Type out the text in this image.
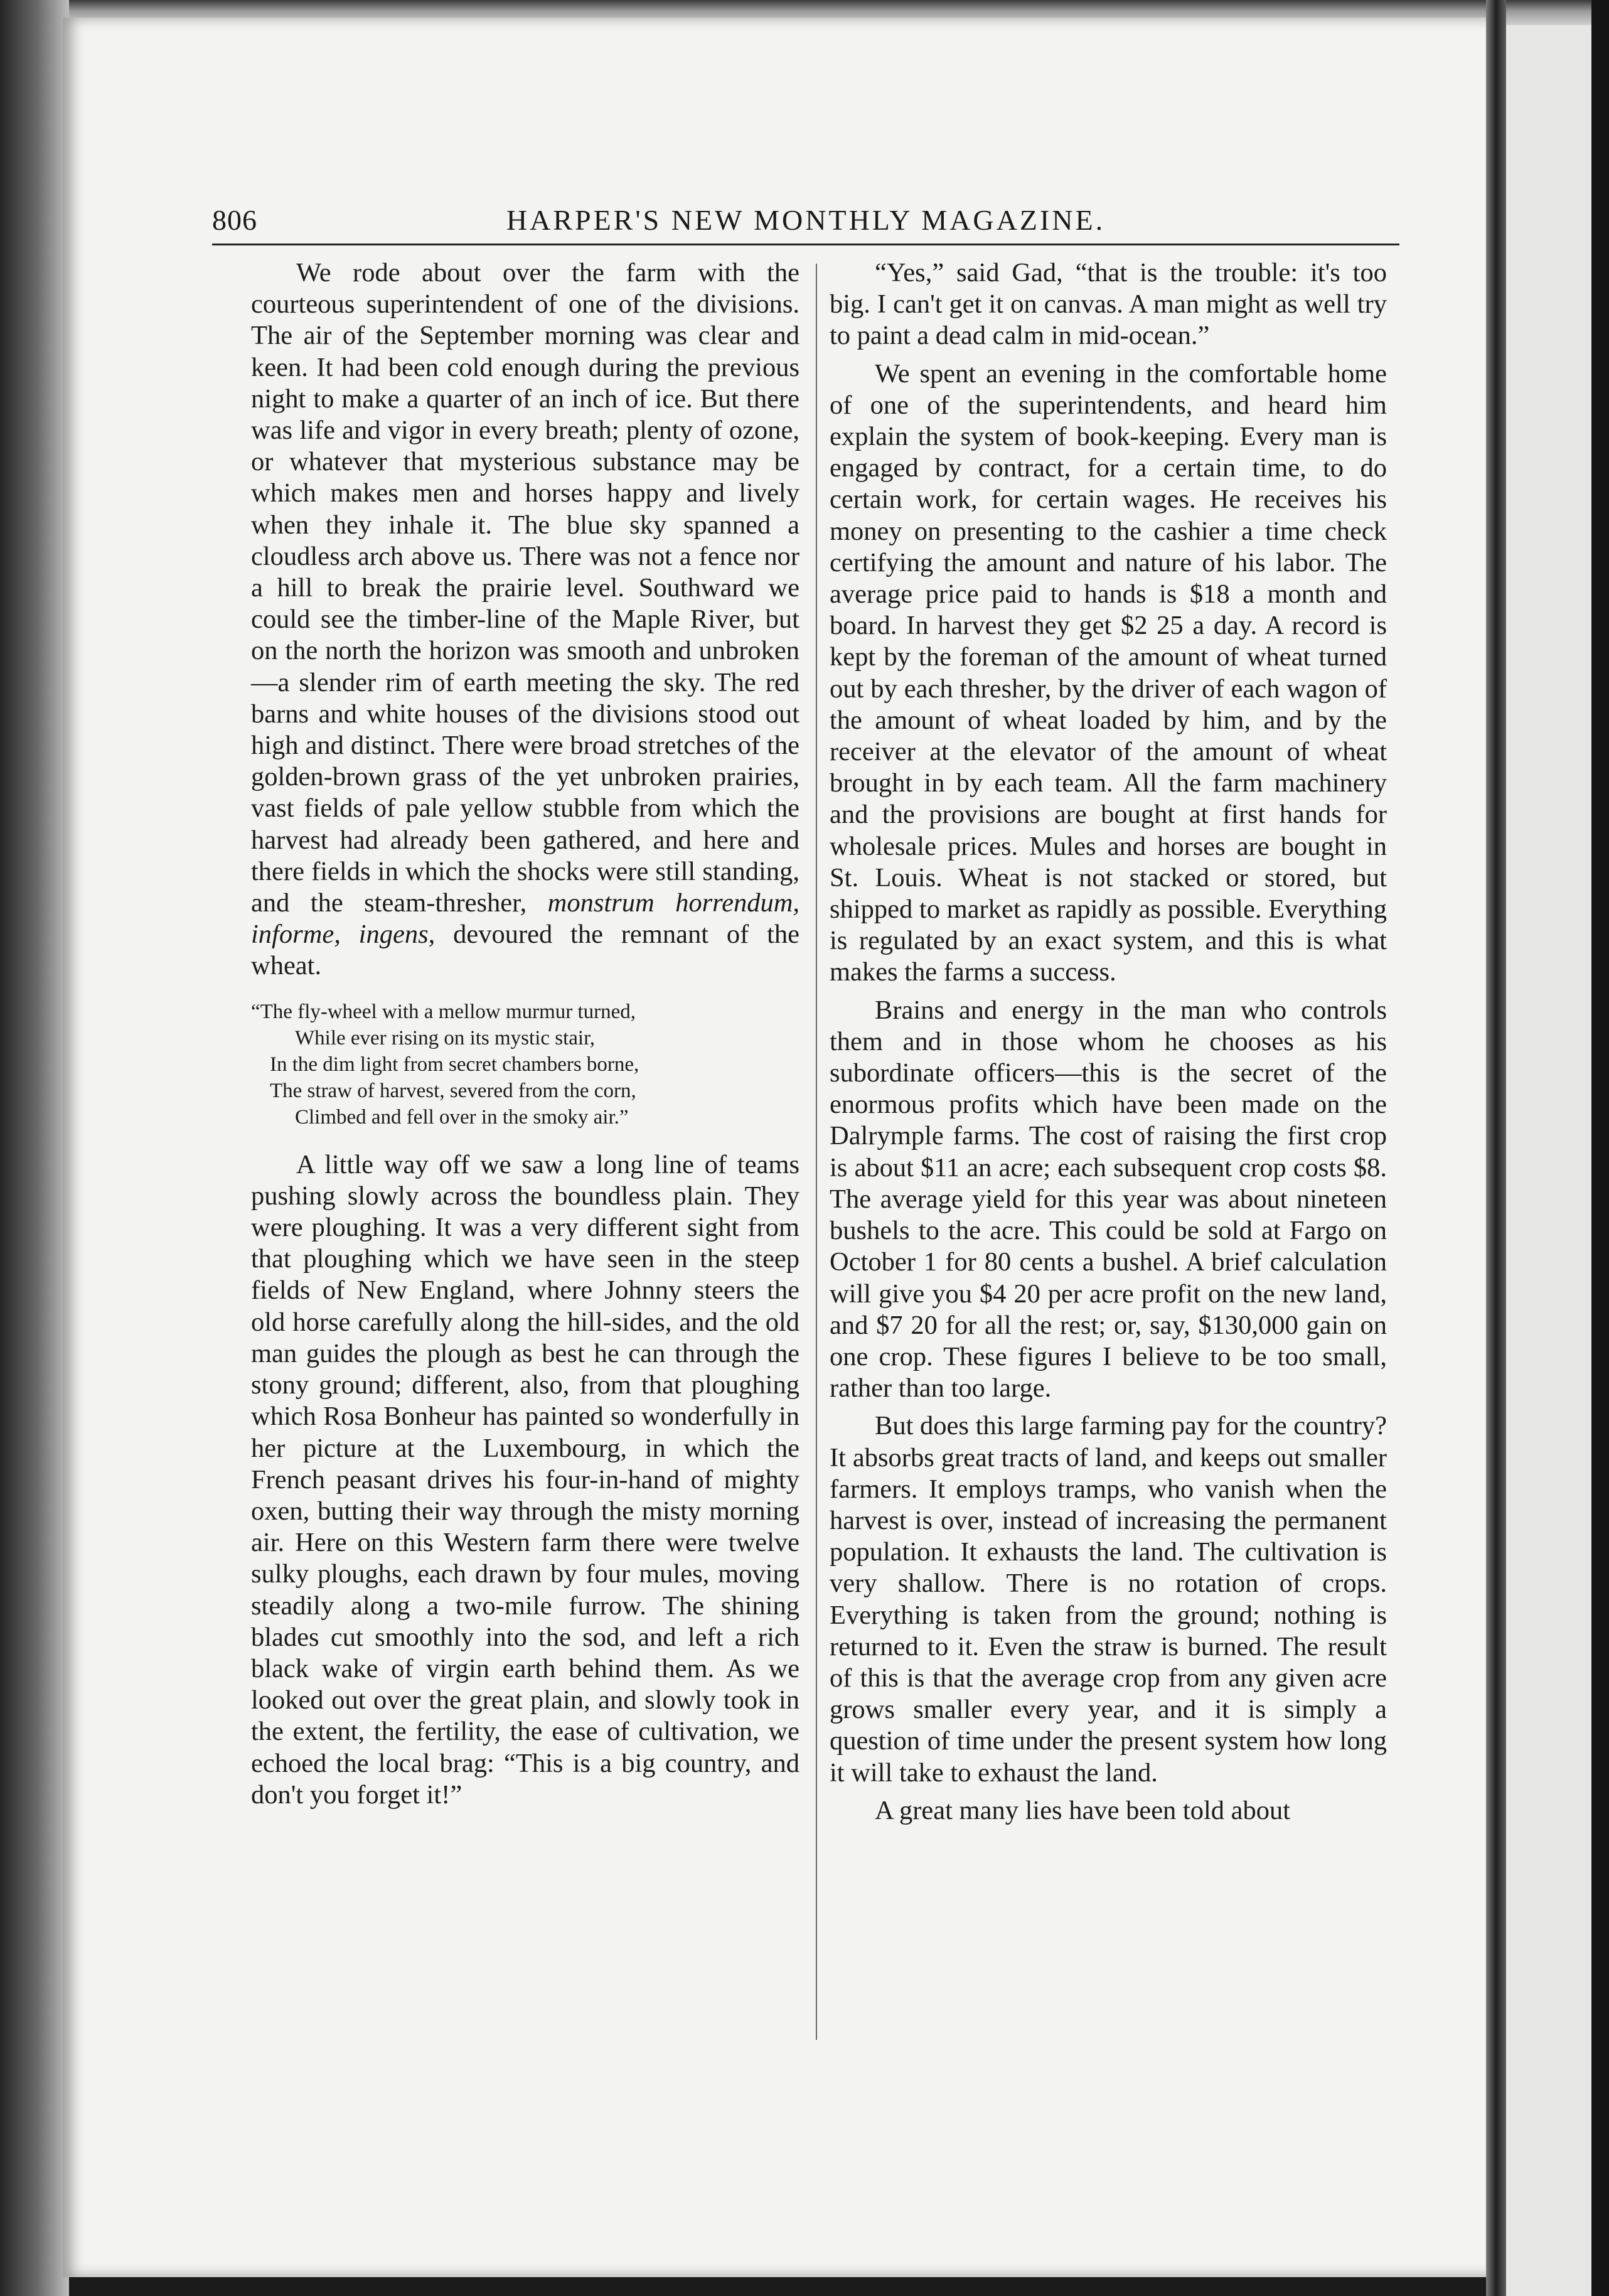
806	HARPER'S NEW MONTHLY MAGAZINE.

We rode about over the farm with the courteous superintendent of one of the divisions. The air of the September morning was clear and keen. It had been cold enough during the previous night to make a quarter of an inch of ice. But there was life and vigor in every breath; plenty of ozone, or whatever that mysterious substance may be which makes men and horses happy and lively when they inhale it. The blue sky spanned a cloudless arch above us. There was not a fence nor a hill to break the prairie level. Southward we could see the timber-line of the Maple River, but on the north the horizon was smooth and unbroken—a slender rim of earth meeting the sky. The red barns and white houses of the divisions stood out high and distinct. There were broad stretches of the golden-brown grass of the yet unbroken prairies, vast fields of pale yellow stubble from which the harvest had already been gathered, and here and there fields in which the shocks were still standing, and the steam-thresher, monstrum horrendum, informe, ingens, devoured the remnant of the wheat.

“The fly-wheel with a mellow murmur turned,
While ever rising on its mystic stair,
In the dim light from secret chambers borne,
The straw of harvest, severed from the corn,
Climbed and fell over in the smoky air.”

A little way off we saw a long line of teams pushing slowly across the boundless plain. They were ploughing. It was a very different sight from that ploughing which we have seen in the steep fields of New England, where Johnny steers the old horse carefully along the hill-sides, and the old man guides the plough as best he can through the stony ground; different, also, from that ploughing which Rosa Bonheur has painted so wonderfully in her picture at the Luxembourg, in which the French peasant drives his four-in-hand of mighty oxen, butting their way through the misty morning air. Here on this Western farm there were twelve sulky ploughs, each drawn by four mules, moving steadily along a two-mile furrow. The shining blades cut smoothly into the sod, and left a rich black wake of virgin earth behind them. As we looked out over the great plain, and slowly took in the extent, the fertility, the ease of cultivation, we echoed the local brag: “This is a big country, and don't you forget it!”

“Yes,” said Gad, “that is the trouble: it's too big. I can't get it on canvas. A man might as well try to paint a dead calm in mid-ocean.”

We spent an evening in the comfortable home of one of the superintendents, and heard him explain the system of book-keeping. Every man is engaged by contract, for a certain time, to do certain work, for certain wages. He receives his money on presenting to the cashier a time check certifying the amount and nature of his labor. The average price paid to hands is $18 a month and board. In harvest they get $2 25 a day. A record is kept by the foreman of the amount of wheat turned out by each thresher, by the driver of each wagon of the amount of wheat loaded by him, and by the receiver at the elevator of the amount of wheat brought in by each team. All the farm machinery and the provisions are bought at first hands for wholesale prices. Mules and horses are bought in St. Louis. Wheat is not stacked or stored, but shipped to market as rapidly as possible. Everything is regulated by an exact system, and this is what makes the farms a success.

Brains and energy in the man who controls them and in those whom he chooses as his subordinate officers—this is the secret of the enormous profits which have been made on the Dalrymple farms. The cost of raising the first crop is about $11 an acre; each subsequent crop costs $8. The average yield for this year was about nineteen bushels to the acre. This could be sold at Fargo on October 1 for 80 cents a bushel. A brief calculation will give you $4 20 per acre profit on the new land, and $7 20 for all the rest; or, say, $130,000 gain on one crop. These figures I believe to be too small, rather than too large.

But does this large farming pay for the country? It absorbs great tracts of land, and keeps out smaller farmers. It employs tramps, who vanish when the harvest is over, instead of increasing the permanent population. It exhausts the land. The cultivation is very shallow. There is no rotation of crops. Everything is taken from the ground; nothing is returned to it. Even the straw is burned. The result of this is that the average crop from any given acre grows smaller every year, and it is simply a question of time under the present system how long it will take to exhaust the land.

A great many lies have been told about
